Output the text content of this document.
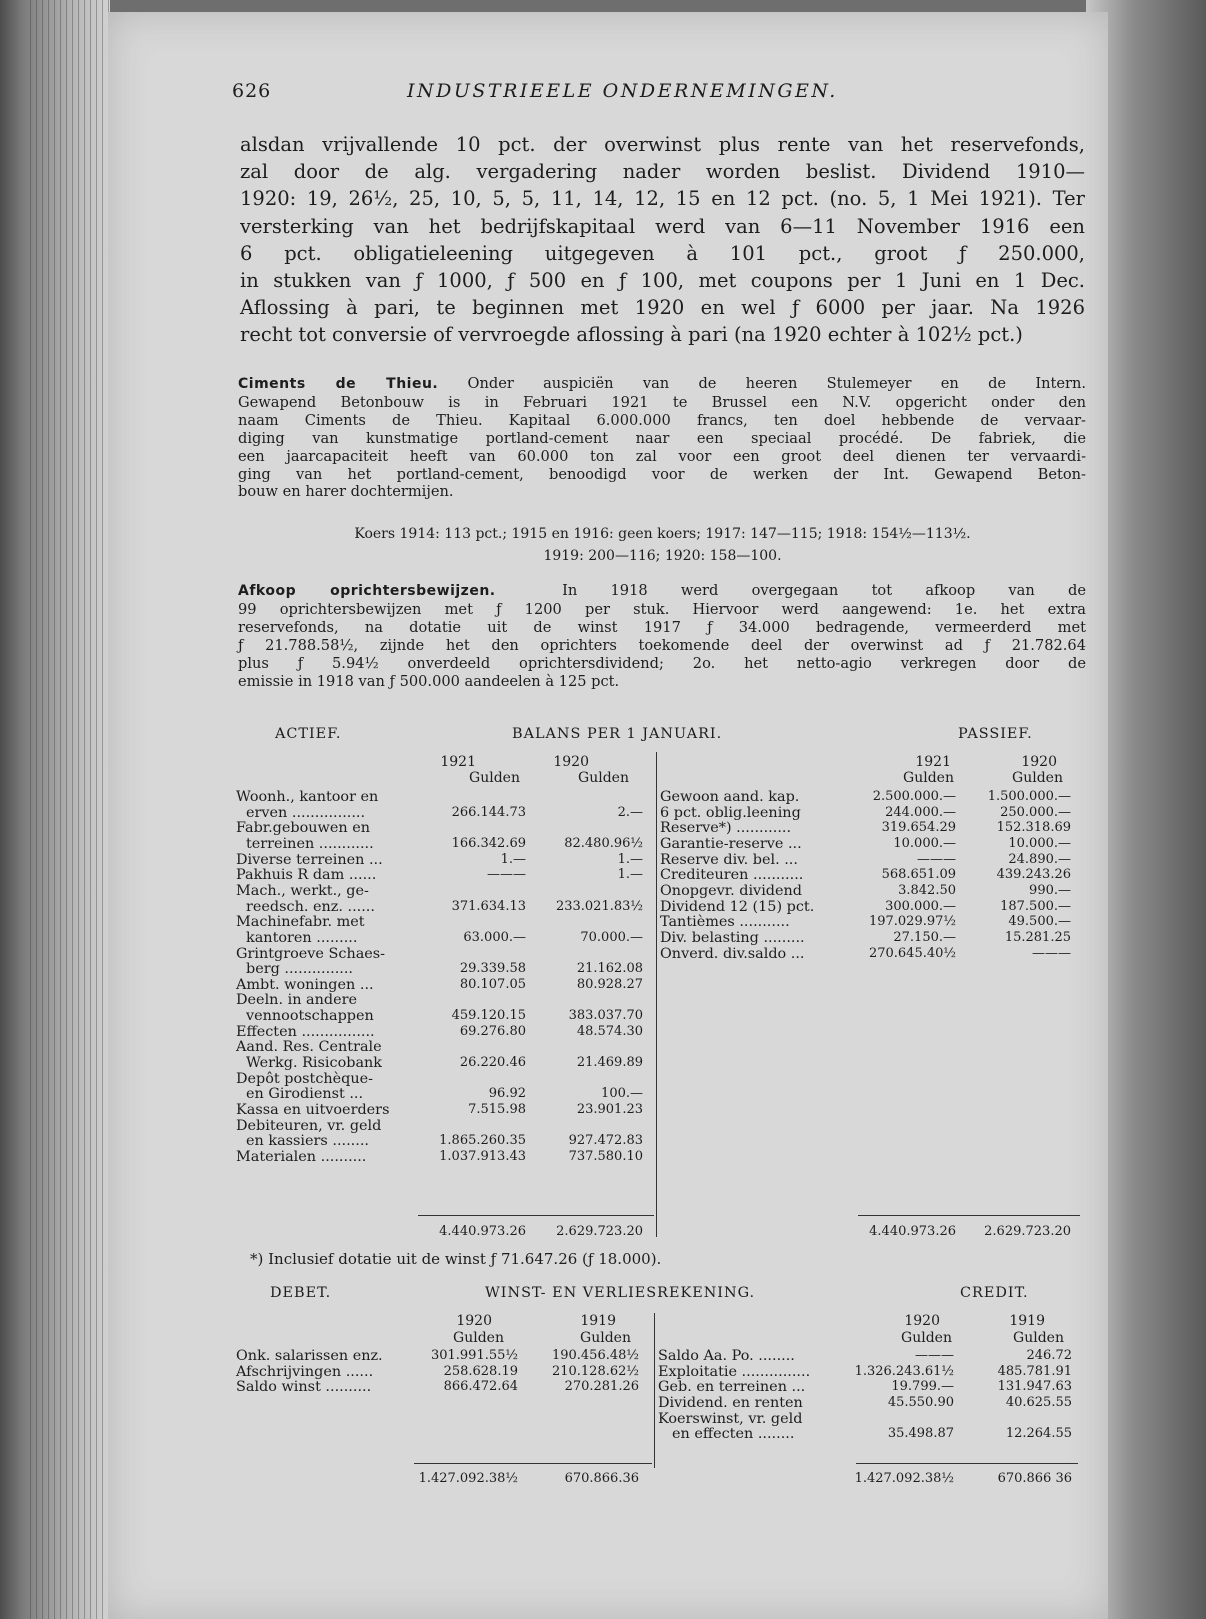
626	INDUSTRIEELE ONDERNEMINGEN.

alsdan vrijvallende 10 pct. der overwinst plus rente van het reservefonds,
zal door de alg. vergadering nader worden beslist. Dividend 1910—
1920: 19, 26½, 25, 10, 5, 5, 11, 14, 12, 15 en 12 pct. (no. 5, 1 Mei 1921). Ter
versterking van het bedrijfskapitaal werd van 6—11 November 1916 een
6 pct. obligatieleening uitgegeven à 101 pct., groot ƒ 250.000,
in stukken van ƒ 1000, ƒ 500 en ƒ 100, met coupons per 1 Juni en 1 Dec.
Aflossing à pari, te beginnen met 1920 en wel ƒ 6000 per jaar. Na 1926
recht tot conversie of vervroegde aflossing à pari (na 1920 echter à 102½ pct.)

Ciments de Thieu. Onder auspiciën van de heeren Stulemeyer en de Intern.
Gewapend Betonbouw is in Februari 1921 te Brussel een N.V. opgericht onder den
naam Ciments de Thieu. Kapitaal 6.000.000 francs, ten doel hebbende de vervaar-
diging van kunstmatige portland-cement naar een speciaal procédé. De fabriek, die
een jaarcapaciteit heeft van 60.000 ton zal voor een groot deel dienen ter vervaardi-
ging van het portland-cement, benoodigd voor de werken der Int. Gewapend Beton-
bouw en harer dochtermijen.

Koers 1914: 113 pct.; 1915 en 1916: geen koers; 1917: 147—115; 1918: 154½—113½.
1919: 200—116; 1920: 158—100.

Afkoop oprichtersbewijzen.	In 1918 werd overgegaan tot afkoop van de
99 oprichtersbewijzen met ƒ 1200 per stuk. Hiervoor werd aangewend: 1e. het extra
reservefonds, na dotatie uit de winst 1917 ƒ 34.000 bedragende, vermeerderd met
ƒ 21.788.58½, zijnde het den oprichters toekomende deel der overwinst ad ƒ 21.782.64
plus ƒ 5.94½ onverdeeld oprichtersdividend; 2o. het netto-agio verkregen door de
emissie in 1918 van ƒ 500.000 aandeelen à 125 pct.

ACTIEF.	BALANS PER 1 JANUARI.	PASSIEF.
1921	1920
Gulden	Gulden
1921	1920
Gulden	Gulden
Woonh., kantoor en
erven ................	266.144.73	2.—
Fabr.gebouwen en
terreinen ............	166.342.69	82.480.96½
Diverse terreinen ...	1.—	1.—
Pakhuis R dam ......	———	1.—
Mach., werkt., ge-
reedsch. enz. ......	371.634.13 233.021.83½
Machinefabr. met
kantoren .........	63.000.—	70.000.—
Grintgroeve Schaes-
berg ...............	29.339.58	21.162.08
Ambt. woningen ...	80.107.05	80.928.27
Deeln. in andere
vennootschappen	459.120.15	383.037.70
Effecten ................	69.276.80	48.574.30
Aand. Res. Centrale
Werkg. Risicobank	26.220.46	21.469.89
Depôt postchèque-
en Girodienst ...	96.92	100.—
Kassa en uitvoerders	7.515.98	23.901.23
Debiteuren, vr. geld
en kassiers ........	1.865.260.35	927.472.83
Materialen ..........	1.037.913.43	737.580.10
Gewoon aand. kap.	2.500.000.— 1.500.000.—
6 pct. oblig.leening	244.000.—	250.000.—
Reserve*) ............	319.654.29	152.318.69
Garantie-reserve ...	10.000.—	10.000.—
Reserve div. bel. ...	———	24.890.—
Crediteuren ...........	568.651.09	439.243.26
Onopgevr. dividend	3.842.50	990.—
Dividend 12 (15) pct.	300.000.—	187.500.—
Tantièmes ...........	197.029.97½	49.500.—
Div. belasting .........	27.150.—	15.281.25
Onverd. div.saldo ...	270.645.40½	———
4.440.973.26 2.629.723.20	4.440.973.26 2.629.723.20
*) Inclusief dotatie uit de winst ƒ 71.647.26 (ƒ 18.000).
DEBET.	WINST- EN VERLIESREKENING.	CREDIT.
1920	1919
Gulden	Gulden
1920	1919
Gulden	Gulden
Onk. salarissen enz.	301.991.55½	190.456.48½
Afschrijvingen ......	258.628.19	210.128.62½
Saldo winst ..........	866.472.64	270.281.26
Saldo Aa. Po. ........	———	246.72
Exploitatie ...............	1.326.243.61½	485.781.91
Geb. en terreinen ...	19.799.—	131.947.63
Dividend. en renten	45.550.90	40.625.55
Koerswinst, vr. geld
en effecten ........	35.498.87	12.264.55
1.427.092.38½	670.866.36	1.427.092.38½	670.866 36
